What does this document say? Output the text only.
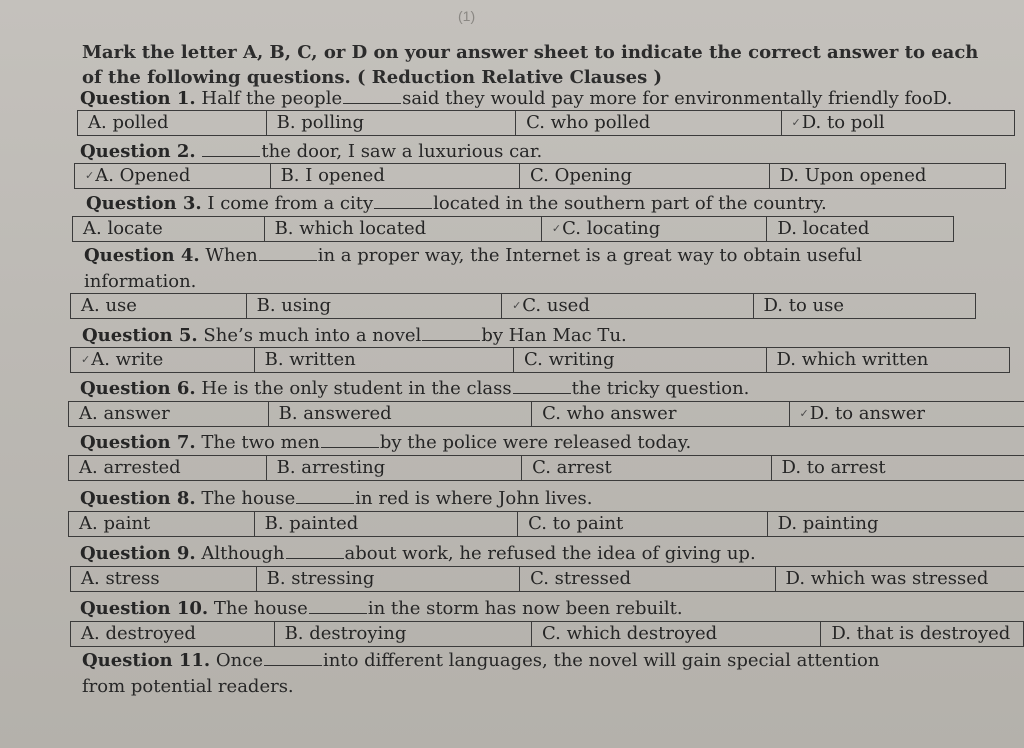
(1)
Mark the letter A, B, C, or D on your answer sheet to indicate the correct answer to each of the following questions. ( Reduction Relative Clauses )
Question 1. Half the people	said they would pay more for environmentally friendly fooD.
A. polled	B. polling	C. who polled	✓D. to poll
Question 2.	the door, I saw a luxurious car.
✓A. Opened	B. I opened	C. Opening	D. Upon opened
Question 3. I come from a city	located in the southern part of the country.
A. locate	B. which located	✓C. locating	D. located
Question 4. When	in a proper way, the Internet is a great way to obtain useful
information.
A. use	B. using	✓C. used	D. to use
Question 5. She’s much into a novel	by Han Mac Tu.
✓A. write	B. written	C. writing	D. which written
Question 6. He is the only student in the class	the tricky question.
A. answer	B. answered	C. who answer	✓D. to answer
Question 7. The two men	by the police were released today.
A. arrested	B. arresting	C. arrest	D. to arrest
Question 8. The house	in red is where John lives.
A. paint	B. painted	C. to paint	D. painting
Question 9. Although	about work, he refused the idea of giving up.
A. stress	B. stressing	C. stressed	D. which was stressed
Question 10. The house	in the storm has now been rebuilt.
A. destroyed	B. destroying	C. which destroyed	D. that is destroyed
Question 11. Once	into different languages, the novel will gain special attention
from potential readers.
